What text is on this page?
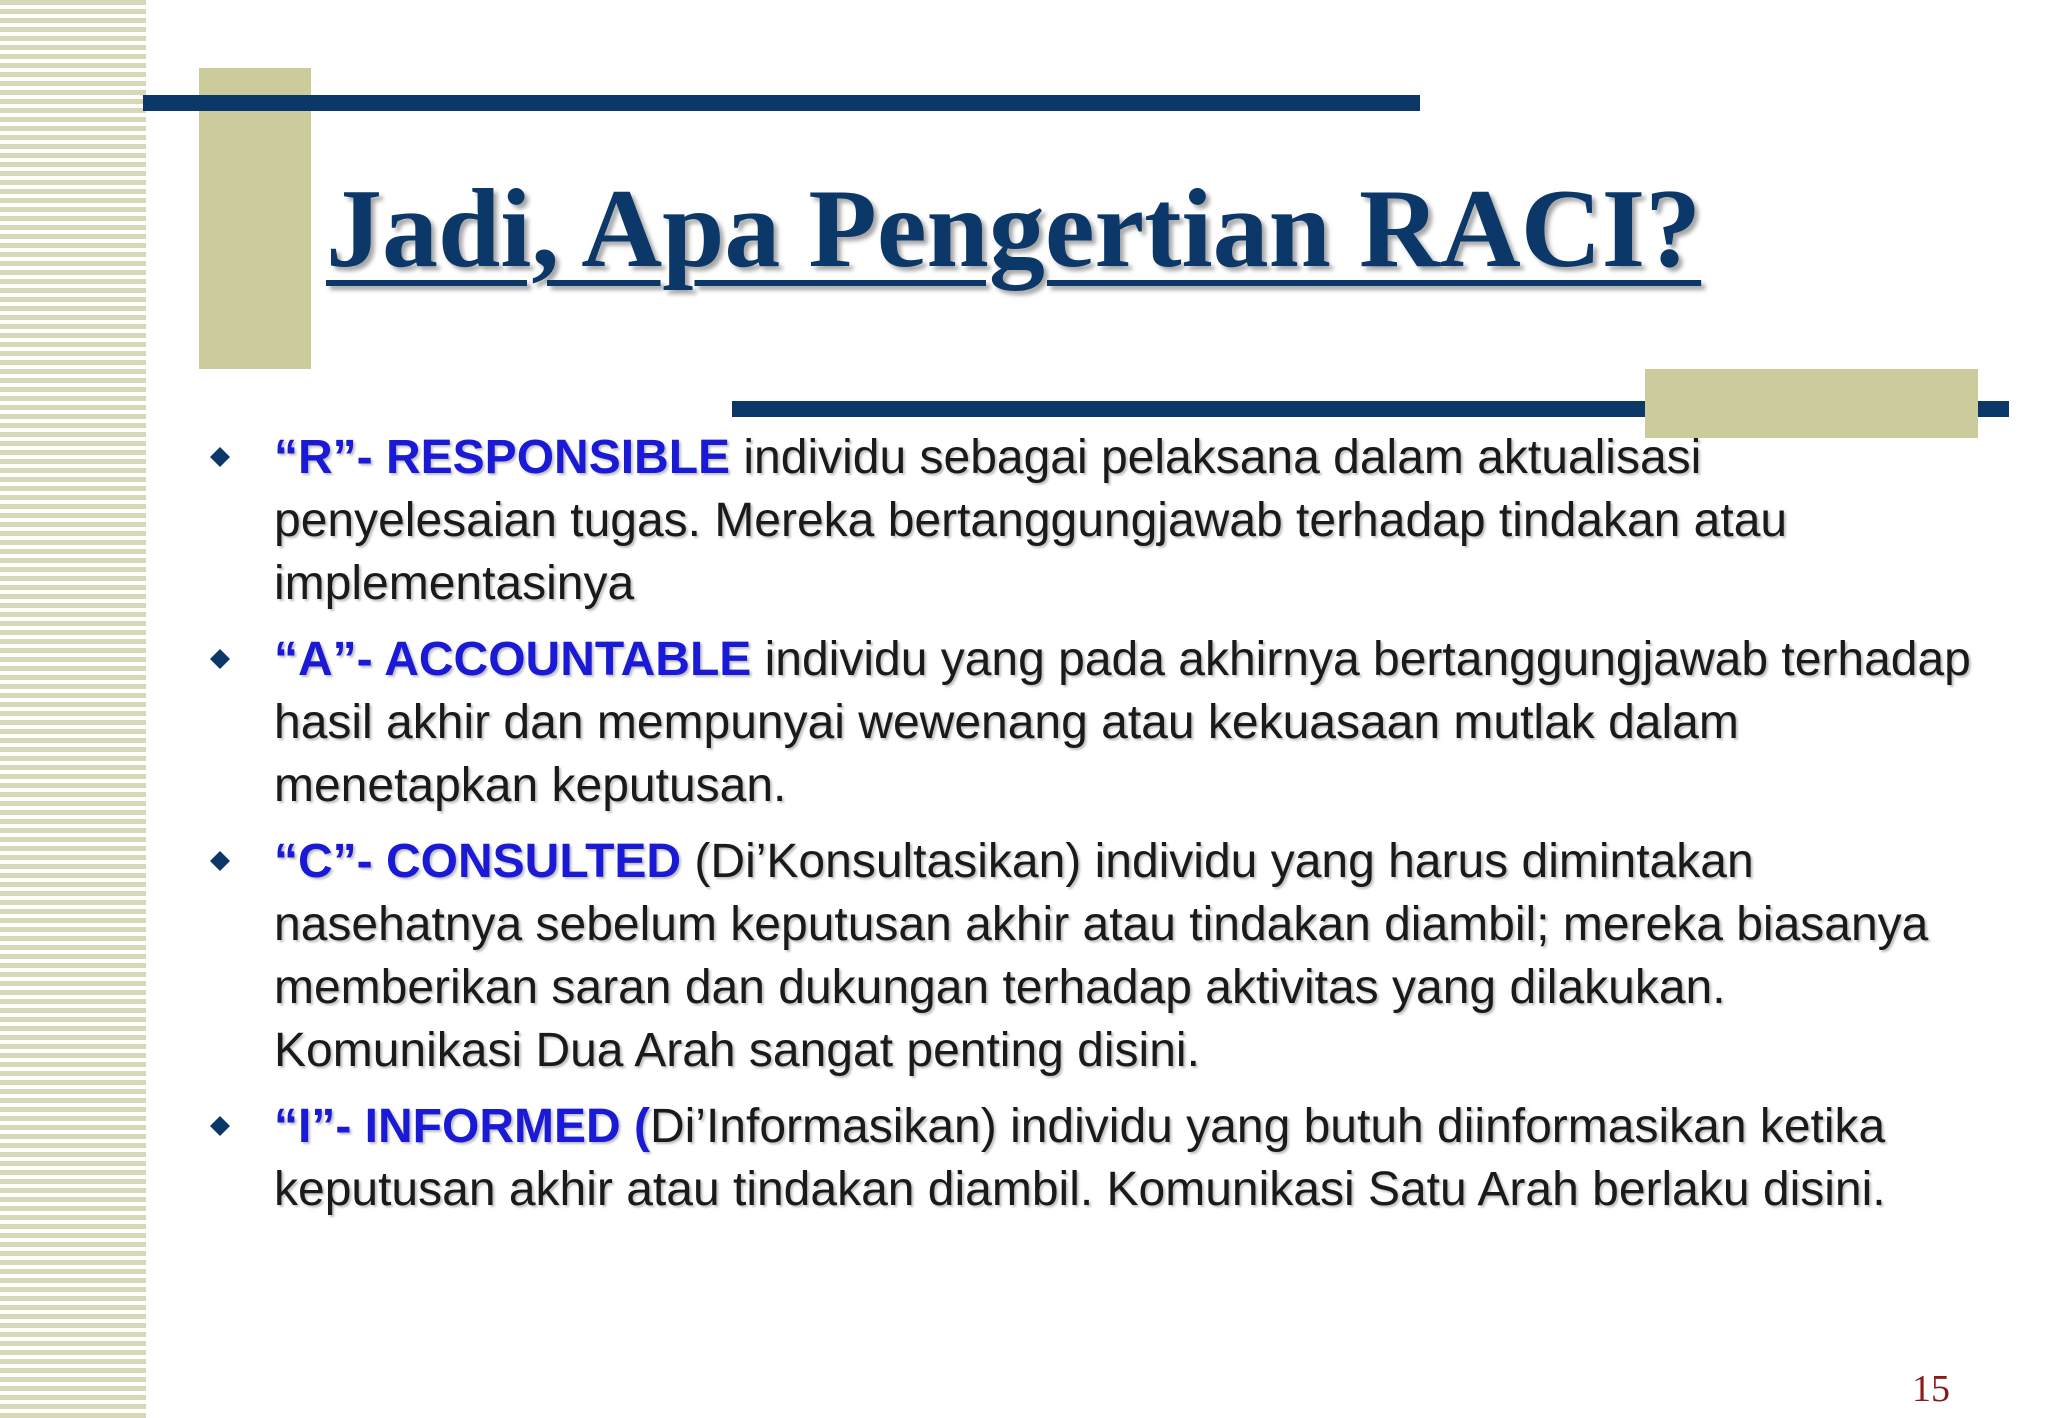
Jadi, Apa Pengertian RACI?
“R”- RESPONSIBLE individu sebagai pelaksana dalam aktualisasi penyelesaian tugas. Mereka bertanggungjawab terhadap tindakan atau implementasinya
“A”- ACCOUNTABLE individu yang pada akhirnya bertanggungjawab terhadap hasil akhir dan mempunyai wewenang atau kekuasaan mutlak dalam menetapkan keputusan.
“C”- CONSULTED (Di’Konsultasikan) individu yang harus dimintakan nasehatnya sebelum keputusan akhir atau tindakan diambil; mereka biasanya memberikan saran dan dukungan terhadap aktivitas yang dilakukan. Komunikasi Dua Arah sangat penting disini.
“I”- INFORMED (Di’Informasikan) individu yang butuh diinformasikan ketika keputusan akhir atau tindakan diambil. Komunikasi Satu Arah berlaku disini.
15
